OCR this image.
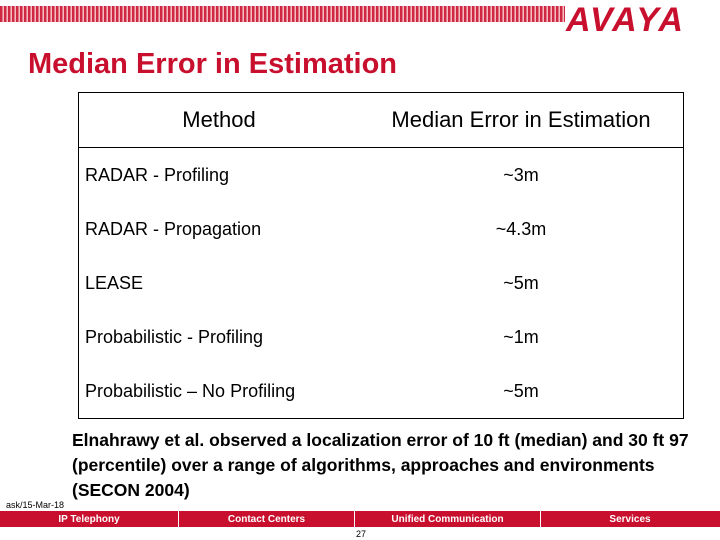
AVAYA
Median Error in Estimation
Method	Median Error in Estimation
RADAR - Profiling	~3m
RADAR - Propagation	~4.3m
LEASE	~5m
Probabilistic - Profiling	~1m
Probabilistic – No Profiling	~5m
Elnahrawy et al. observed a localization error of 10 ft (median) and 30 ft 97 (percentile) over a range of algorithms, approaches and environments (SECON 2004)
ask/15-Mar-18
IP Telephony	Contact Centers	Unified Communication	Services
27
